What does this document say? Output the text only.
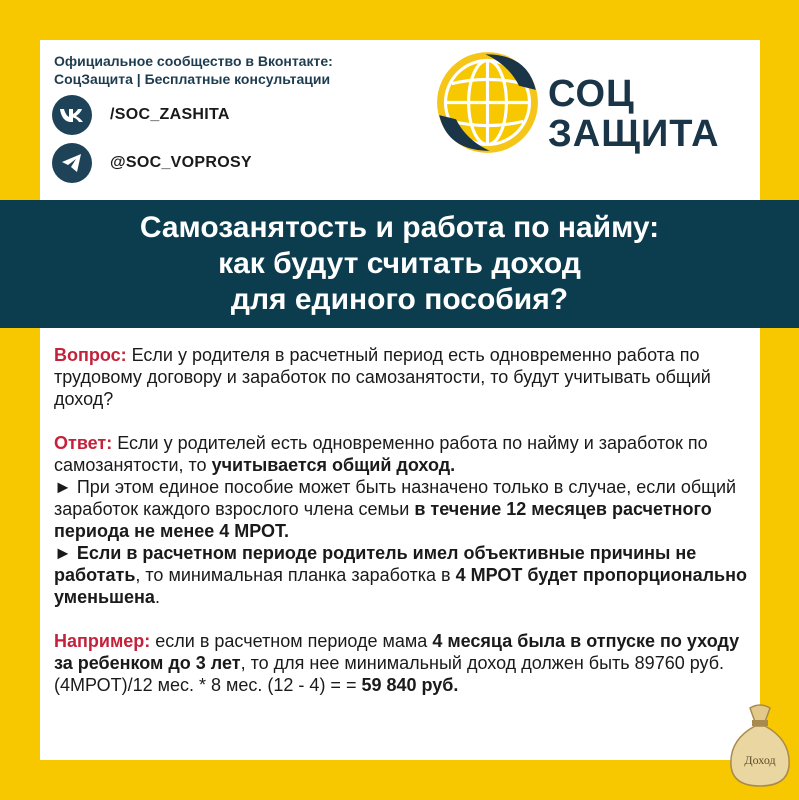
Официальное сообщество в Вконтакте:
СоцЗащита | Бесплатные консультации
/SOC_ZASHITA
@SOC_VOPROSY
СОЦ
ЗАЩИТА
Самозанятость и работа по найму:
как будут считать доход
для единого пособия?

Вопрос: Если у родителя в расчетный период есть одновременно работа по трудовому договору и заработок по самозанятости, то будут учитывать общий доход?

Ответ: Если у родителей есть одновременно работа по найму и заработок по самозанятости, то учитывается общий доход.
► При этом единое пособие может быть назначено только в случае, если общий заработок каждого взрослого члена семьи в течение 12 месяцев расчетного периода не менее 4 МРОТ.
► Если в расчетном периоде родитель имел объективные причины не работать, то минимальная планка заработка в 4 МРОТ будет пропорционально уменьшена.

Например: если в расчетном периоде мама 4 месяца была в отпуске по уходу за ребенком до 3 лет, то для нее минимальный доход должен быть 89760 руб.(4МРОТ)/12 мес. * 8 мес. (12 - 4) = = 59 840 руб.

Доход
